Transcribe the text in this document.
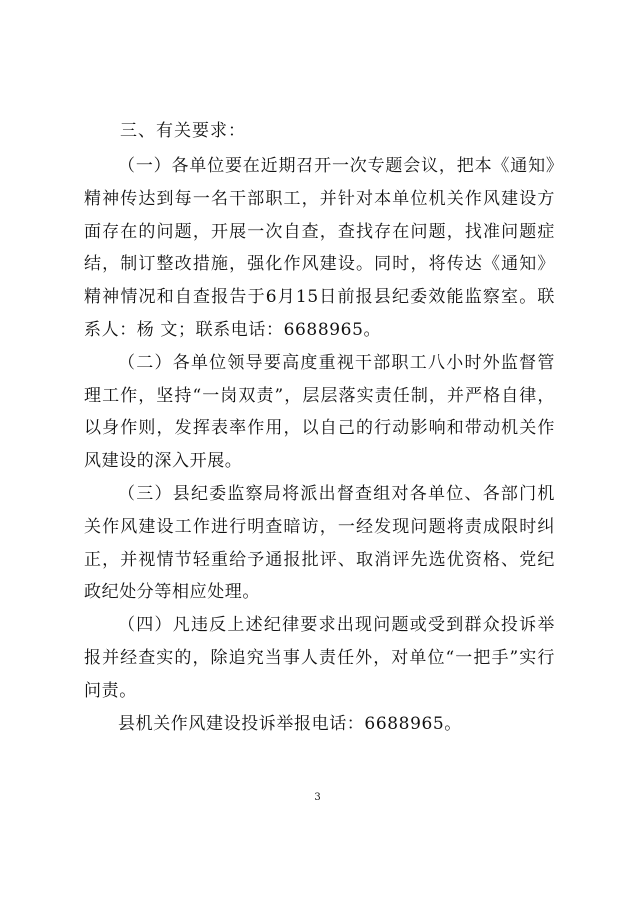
三、有关要求：

（一）各单位要在近期召开一次专题会议，把本《通知》精神传达到每一名干部职工，并针对本单位机关作风建设方面存在的问题，开展一次自查，查找存在问题，找准问题症结，制订整改措施，强化作风建设。同时，将传达《通知》精神情况和自查报告于6月15日前报县纪委效能监察室。联系人：杨 文；联系电话：6688965。

（二）各单位领导要高度重视干部职工八小时外监督管理工作，坚持“一岗双责”，层层落实责任制，并严格自律，以身作则，发挥表率作用，以自己的行动影响和带动机关作风建设的深入开展。

（三）县纪委监察局将派出督查组对各单位、各部门机关作风建设工作进行明查暗访，一经发现问题将责成限时纠正，并视情节轻重给予通报批评、取消评先选优资格、党纪政纪处分等相应处理。

（四）凡违反上述纪律要求出现问题或受到群众投诉举报并经查实的，除追究当事人责任外，对单位“一把手”实行问责。

县机关作风建设投诉举报电话：6688965。

3
